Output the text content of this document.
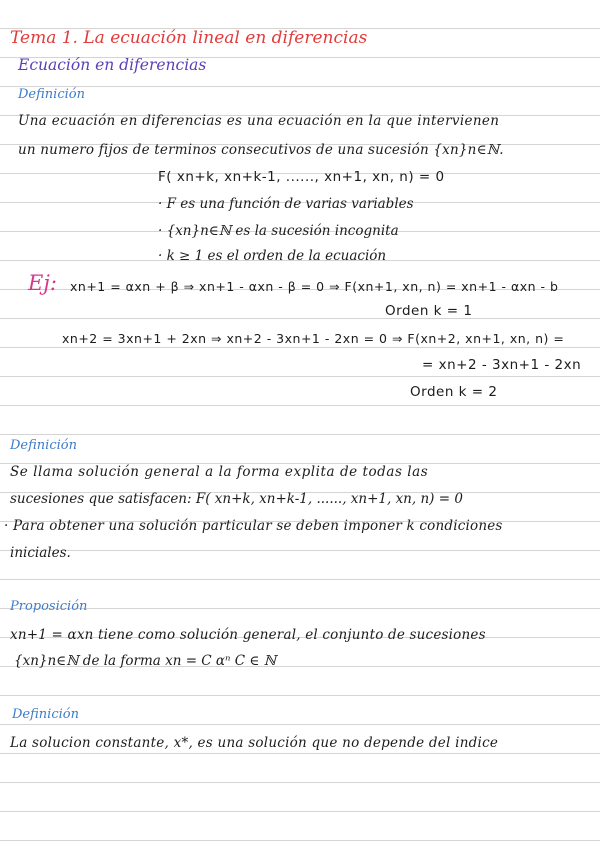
Tema 1. La ecuación lineal en diferencias
Ecuación en diferencias
Definición
Una ecuación en diferencias es una ecuación en la que intervienen
un numero fijos de terminos consecutivos de una sucesión {xn}n∈ℕ.
F( xn+k, xn+k-1, ......, xn+1, xn, n) = 0
· F es una función de varias variables
· {xn}n∈ℕ es la sucesión incognita
· k ≥ 1 es el orden de la ecuación
Ej: xn+1 = αxn + β ⇒ xn+1 - αxn - β = 0 ⇒ F(xn+1, xn, n) = xn+1 - αxn - b
Orden k = 1
xn+2 = 3xn+1 + 2xn ⇒ xn+2 - 3xn+1 - 2xn = 0 ⇒ F(xn+2, xn+1, xn, n) =
= xn+2 - 3xn+1 - 2xn
Orden k = 2
Definición
Se llama solución general a la forma explita de todas las
sucesiones que satisfacen: F( xn+k, xn+k-1, ......, xn+1, xn, n) = 0
· Para obtener una solución particular se deben imponer k condiciones
iniciales.
Proposición
xn+1 = αxn tiene como solución general, el conjunto de sucesiones
{xn}n∈ℕ de la forma xn = C αⁿ C ∈ ℕ
Definición
La solucion constante, x*, es una solución que no depende del indice
